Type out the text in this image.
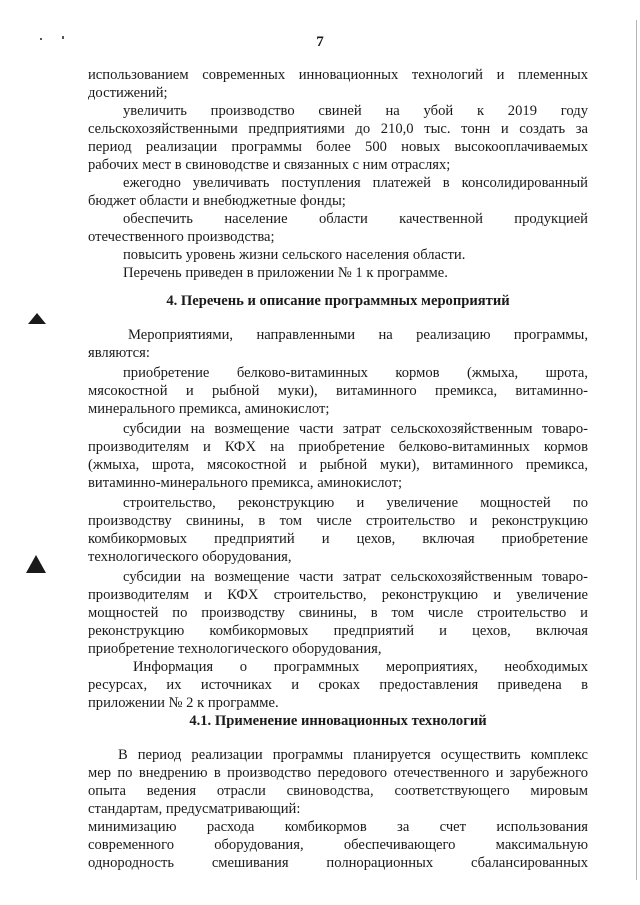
7
использованием современных инновационных технологий и племенных
достижений;
увеличить производство свиней на убой к 2019 году
сельскохозяйственными предприятиями до 210,0 тыс. тонн и создать за
период реализации программы более 500 новых высокооплачиваемых
рабочих мест в свиноводстве и связанных с ним отраслях;
ежегодно увеличивать поступления платежей в консолидированный
бюджет области и внебюджетные фонды;
обеспечить население области качественной продукцией
отечественного производства;
повысить уровень жизни сельского населения области.
Перечень приведен в приложении № 1 к программе.
4. Перечень и описание программных мероприятий
Мероприятиями, направленными на реализацию программы,
являются:
приобретение белково-витаминных кормов (жмыха, шрота,
мясокостной и рыбной муки), витаминного премикса, витаминно-
минерального премикса, аминокислот;
субсидии на возмещение части затрат сельскохозяйственным товаро-
производителям и КФХ на приобретение белково-витаминных кормов
(жмыха, шрота, мясокостной и рыбной муки), витаминного премикса,
витаминно-минерального премикса, аминокислот;
строительство, реконструкцию и увеличение мощностей по
производству свинины, в том числе строительство и реконструкцию
комбикормовых предприятий и цехов, включая приобретение
технологического оборудования,
субсидии на возмещение части затрат сельскохозяйственным товаро-
производителям и КФХ строительство, реконструкцию и увеличение
мощностей по производству свинины, в том числе строительство и
реконструкцию комбикормовых предприятий и цехов, включая
приобретение технологического оборудования,
Информация о программных мероприятиях, необходимых
ресурсах, их источниках и сроках предоставления приведена в
приложении № 2 к программе.
4.1. Применение инновационных технологий
В период реализации программы планируется осуществить комплекс
мер по внедрению в производство передового отечественного и зарубежного
опыта ведения отрасли свиноводства, соответствующего мировым
стандартам, предусматривающий:
минимизацию расхода комбикормов за счет использования
современного оборудования, обеспечивающего максимальную
однородность смешивания полнорационных сбалансированных
